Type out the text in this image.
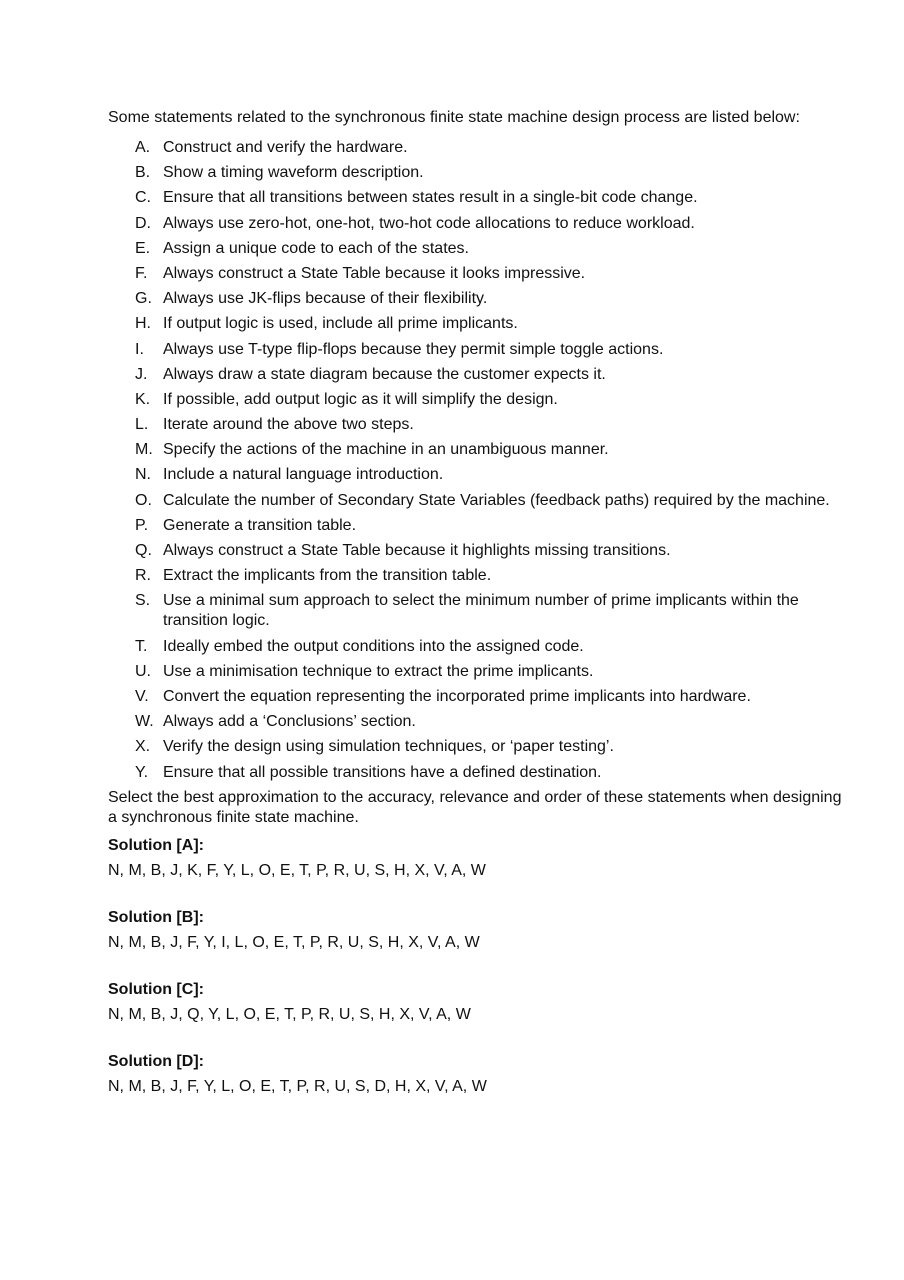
Some statements related to the synchronous finite state machine design process are listed below:

A. Construct and verify the hardware.
B. Show a timing waveform description.
C. Ensure that all transitions between states result in a single-bit code change.
D. Always use zero-hot, one-hot, two-hot code allocations to reduce workload.
E. Assign a unique code to each of the states.
F. Always construct a State Table because it looks impressive.
G. Always use JK-flips because of their flexibility.
H. If output logic is used, include all prime implicants.
I. Always use T-type flip-flops because they permit simple toggle actions.
J. Always draw a state diagram because the customer expects it.
K. If possible, add output logic as it will simplify the design.
L. Iterate around the above two steps.
M. Specify the actions of the machine in an unambiguous manner.
N. Include a natural language introduction.
O. Calculate the number of Secondary State Variables (feedback paths) required by the machine.
P. Generate a transition table.
Q. Always construct a State Table because it highlights missing transitions.
R. Extract the implicants from the transition table.
S. Use a minimal sum approach to select the minimum number of prime implicants within the transition logic.
T. Ideally embed the output conditions into the assigned code.
U. Use a minimisation technique to extract the prime implicants.
V. Convert the equation representing the incorporated prime implicants into hardware.
W. Always add a ‘Conclusions’ section.
X. Verify the design using simulation techniques, or ‘paper testing’.
Y. Ensure that all possible transitions have a defined destination.

Select the best approximation to the accuracy, relevance and order of these statements when designing a synchronous finite state machine.

Solution [A]:
N, M, B, J, K, F, Y, L, O, E, T, P, R, U, S, H, X, V, A, W
Solution [B]:
N, M, B, J, F, Y, I, L, O, E, T, P, R, U, S, H, X, V, A, W
Solution [C]:
N, M, B, J, Q, Y, L, O, E, T, P, R, U, S, H, X, V, A, W
Solution [D]:
N, M, B, J, F, Y, L, O, E, T, P, R, U, S, D, H, X, V, A, W
